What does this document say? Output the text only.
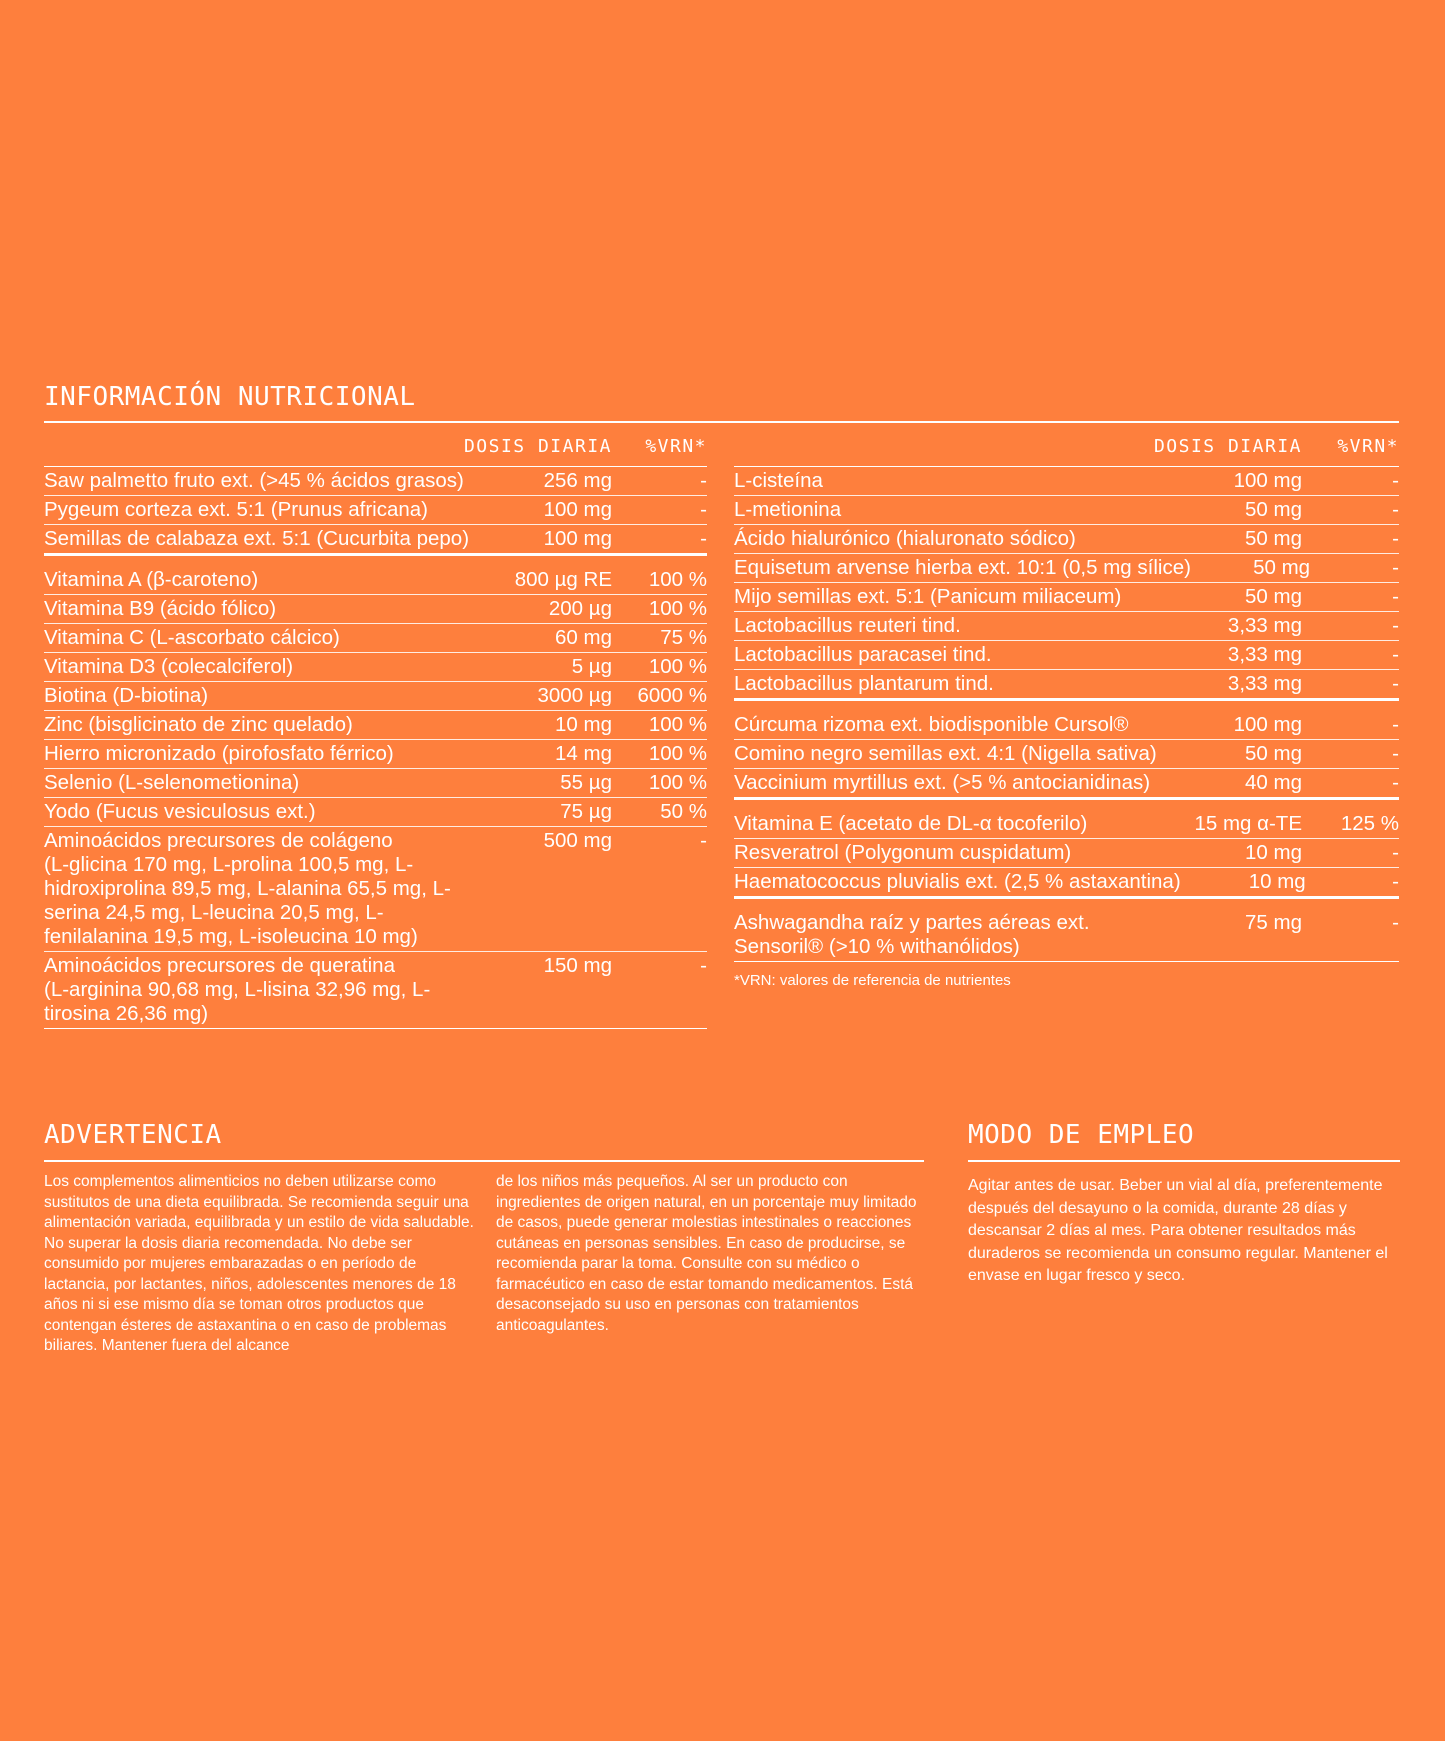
INFORMACIÓN NUTRICIONAL
DOSIS DIARIA	%VRN*
Saw palmetto fruto ext. (>45 % ácidos grasos)	256 mg	-
Pygeum corteza ext. 5:1 (Prunus africana)	100 mg	-
Semillas de calabaza ext. 5:1 (Cucurbita pepo)	100 mg	-
Vitamina A (β-caroteno)	800 µg RE	100 %
Vitamina B9 (ácido fólico)	200 µg	100 %
Vitamina C (L-ascorbato cálcico)	60 mg	75 %
Vitamina D3 (colecalciferol)	5 µg	100 %
Biotina (D-biotina)	3000 µg	6000 %
Zinc (bisglicinato de zinc quelado)	10 mg	100 %
Hierro micronizado (pirofosfato férrico)	14 mg	100 %
Selenio (L-selenometionina)	55 µg	100 %
Yodo (Fucus vesiculosus ext.)	75 µg	50 %
Aminoácidos precursores de colágeno
(L-glicina 170 mg, L-prolina 100,5 mg, L-hidroxiprolina 89,5 mg, L-alanina 65,5 mg, L-serina 24,5 mg, L-leucina 20,5 mg, L-fenilalanina 19,5 mg, L-isoleucina 10 mg)
500 mg	-
Aminoácidos precursores de queratina
(L-arginina 90,68 mg, L-lisina 32,96 mg, L-tirosina 26,36 mg)
150 mg	-
DOSIS DIARIA	%VRN*
L-cisteína	100 mg	-
L-metionina	50 mg	-
Ácido hialurónico (hialuronato sódico)	50 mg	-
Equisetum arvense hierba ext. 10:1 (0,5 mg sílice)	50 mg	-
Mijo semillas ext. 5:1 (Panicum miliaceum)	50 mg	-
Lactobacillus reuteri tind.	3,33 mg	-
Lactobacillus paracasei tind.	3,33 mg	-
Lactobacillus plantarum tind.	3,33 mg	-
Cúrcuma rizoma ext. biodisponible Cursol®	100 mg	-
Comino negro semillas ext. 4:1 (Nigella sativa)	50 mg	-
Vaccinium myrtillus ext. (>5 % antocianidinas)	40 mg	-
Vitamina E (acetato de DL-α tocoferilo)	15 mg α-TE	125 %
Resveratrol (Polygonum cuspidatum)	10 mg	-
Haematococcus pluvialis ext. (2,5 % astaxantina)	10 mg	-
Ashwagandha raíz y partes aéreas ext.
Sensoril® (>10 % withanólidos)
75 mg	-
*VRN: valores de referencia de nutrientes
ADVERTENCIA

Los complementos alimenticios no deben utilizarse como sustitutos de una dieta equilibrada. Se recomienda seguir una alimentación variada, equilibrada y un estilo de vida saludable. No superar la dosis diaria recomendada. No debe ser consumido por mujeres embarazadas o en período de lactancia, por lactantes, niños, adolescentes menores de 18 años ni si ese mismo día se toman otros productos que contengan ésteres de astaxantina o en caso de problemas biliares. Mantener fuera del alcance

de los niños más pequeños. Al ser un producto con ingredientes de origen natural, en un porcentaje muy limitado de casos, puede generar molestias intestinales o reacciones cutáneas en personas sensibles. En caso de producirse, se recomienda parar la toma. Consulte con su médico o farmacéutico en caso de estar tomando medicamentos. Está desaconsejado su uso en personas con tratamientos anticoagulantes.

MODO DE EMPLEO

Agitar antes de usar. Beber un vial al día, preferentemente después del desayuno o la comida, durante 28 días y descansar 2 días al mes. Para obtener resultados más duraderos se recomienda un consumo regular. Mantener el envase en lugar fresco y seco.
